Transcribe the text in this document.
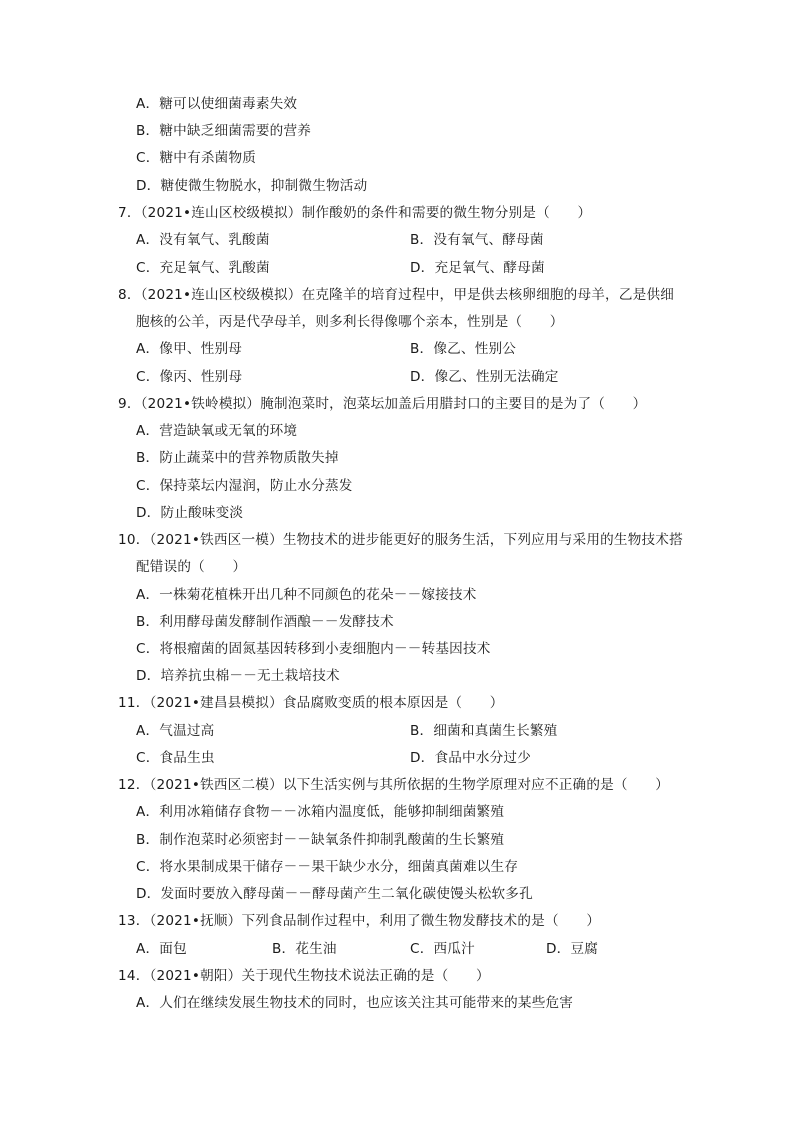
A．糖可以使细菌毒素失效
B．糖中缺乏细菌需要的营养
C．糖中有杀菌物质
D．糖使微生物脱水，抑制微生物活动
7．（2021•连山区校级模拟）制作酸奶的条件和需要的微生物分别是（　　）
A．没有氧气、乳酸菌	B．没有氧气、酵母菌
C．充足氧气、乳酸菌	D．充足氧气、酵母菌
8．（2021•连山区校级模拟）在克隆羊的培育过程中，甲是供去核卵细胞的母羊，乙是供细
胞核的公羊，丙是代孕母羊，则多利长得像哪个亲本，性别是（　　）
A．像甲、性别母	B．像乙、性别公
C．像丙、性别母	D．像乙、性别无法确定
9．（2021•铁岭模拟）腌制泡菜时，泡菜坛加盖后用腊封口的主要目的是为了（　　）
A．营造缺氧或无氧的环境
B．防止蔬菜中的营养物质散失掉
C．保持菜坛内湿润，防止水分蒸发
D．防止酸味变淡
10．（2021•铁西区一模）生物技术的进步能更好的服务生活，下列应用与采用的生物技术搭
配错误的（　　）
A．一株菊花植株开出几种不同颜色的花朵－－嫁接技术
B．利用酵母菌发酵制作酒酿－－发酵技术
C．将根瘤菌的固氮基因转移到小麦细胞内－－转基因技术
D．培养抗虫棉－－无土栽培技术
11．（2021•建昌县模拟）食品腐败变质的根本原因是（　　）
A．气温过高	B．细菌和真菌生长繁殖
C．食品生虫	D．食品中水分过少
12．（2021•铁西区二模）以下生活实例与其所依据的生物学原理对应不正确的是（　　）
A．利用冰箱储存食物－－冰箱内温度低，能够抑制细菌繁殖
B．制作泡菜时必须密封－－缺氧条件抑制乳酸菌的生长繁殖
C．将水果制成果干储存－－果干缺少水分，细菌真菌难以生存
D．发面时要放入酵母菌－－酵母菌产生二氧化碳使馒头松软多孔
13．（2021•抚顺）下列食品制作过程中，利用了微生物发酵技术的是（　　）
A．面包	B．花生油	C．西瓜汁	D．豆腐
14．（2021•朝阳）关于现代生物技术说法正确的是（　　）
A．人们在继续发展生物技术的同时，也应该关注其可能带来的某些危害
